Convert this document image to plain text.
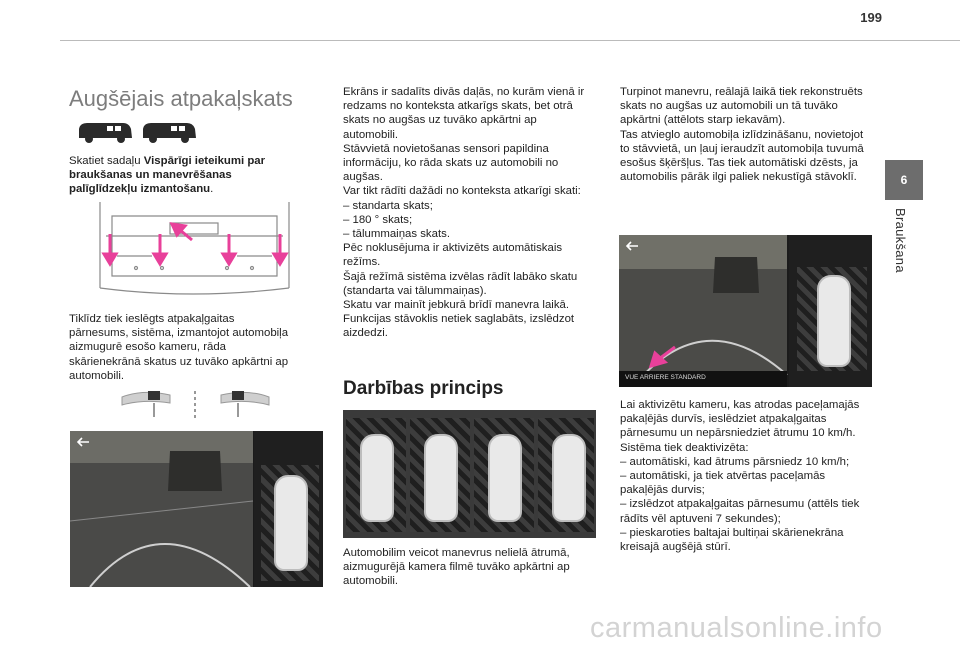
199
6
Braukšana
Augšējais atpakaļskats
Skatiet sadaļu Vispārīgi ieteikumi par braukšanas un manevrēšanas palīglīdzekļu izmantošanu.
Tiklīdz tiek ieslēgts atpakaļgaitas pārnesums, sistēma, izmantojot automobiļa aizmugurē esošo kameru, rāda skārienekrānā skatus uz tuvāko apkārtni ap automobili.

Ekrāns ir sadalīts divās daļās, no kurām vienā ir redzams no konteksta atkarīgs skats, bet otrā skats no augšas uz tuvāko apkārtni ap automobili.

Stāvvietā novietošanas sensori papildina informāciju, ko rāda skats uz automobili no augšas.

Var tikt rādīti dažādi no konteksta atkarīgi skati:

– standarta skats;

– 180 ° skats;

– tālummaiņas skats.

Pēc noklusējuma ir aktivizēts automātiskais režīms.

Šajā režīmā sistēma izvēlas rādīt labāko skatu (standarta vai tālummaiņas).

Skatu var mainīt jebkurā brīdī manevra laikā.

Funkcijas stāvoklis netiek saglabāts, izslēdzot aizdedzi.

Darbības princips
Automobilim veicot manevrus nelielā ātrumā, aizmugurējā kamera filmē tuvāko apkārtni ap automobili.

Turpinot manevru, reālajā laikā tiek rekonstruēts skats no augšas uz automobili un tā tuvāko apkārtni (attēlots starp iekavām).

Tas atvieglo automobiļa izlīdzināšanu, novietojot to stāvvietā, un ļauj ieraudzīt automobiļa tuvumā esošus šķēršļus. Tas tiek automātiski dzēsts, ja automobilis pārāk ilgi paliek nekustīgā stāvoklī.

VUE ARRIERE STANDARD

Lai aktivizētu kameru, kas atrodas paceļamajās pakaļējās durvīs, ieslēdziet atpakaļgaitas pārnesumu un nepārsniedziet ātrumu 10 km/h.

Sistēma tiek deaktivizēta:

– automātiski, kad ātrums pārsniedz 10 km/h;

– automātiski, ja tiek atvērtas paceļamās pakaļējās durvis;

– izslēdzot atpakaļgaitas pārnesumu (attēls tiek rādīts vēl aptuveni 7 sekundes);

– pieskaroties baltajai bultiņai skārienekrāna kreisajā augšējā stūrī.

carmanualsonline.info
